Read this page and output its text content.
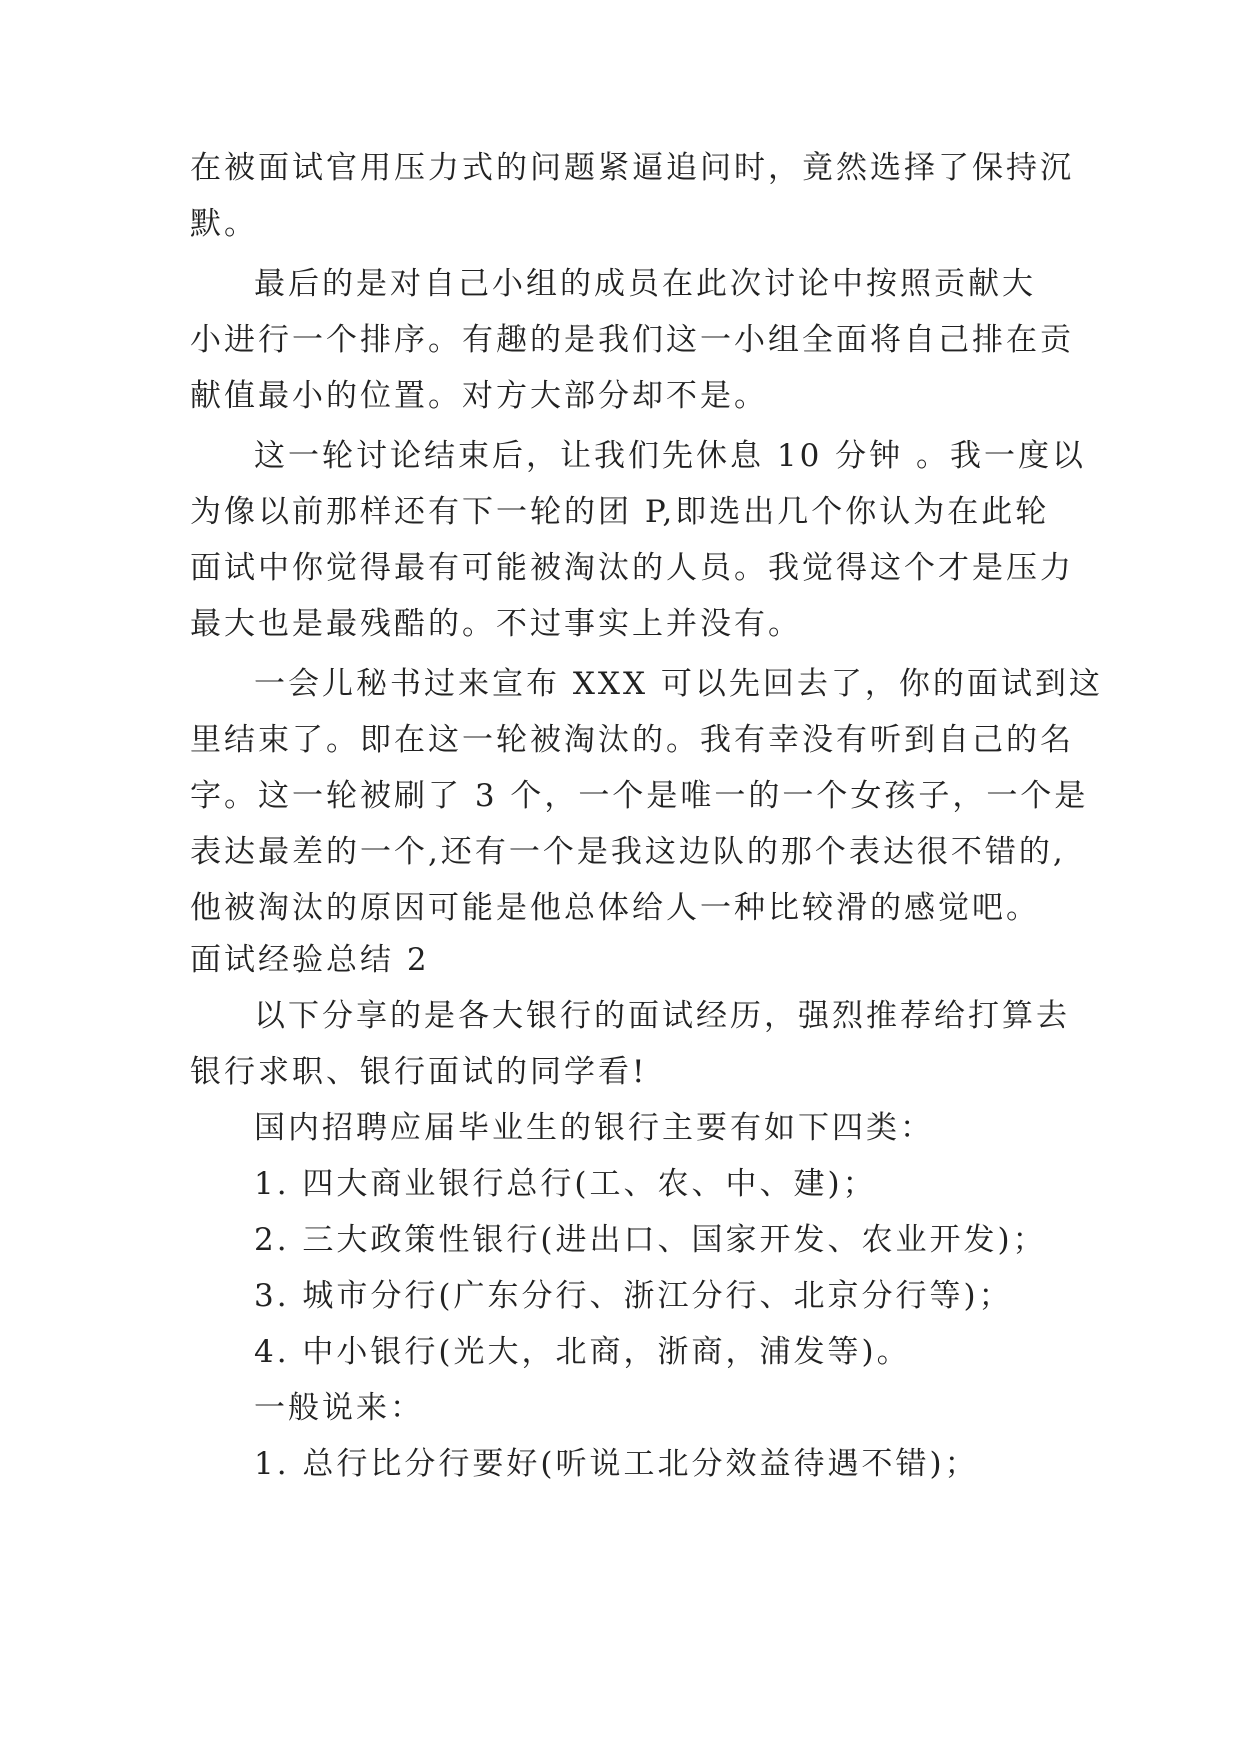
在被面试官用压力式的问题紧逼追问时，竟然选择了保持沉

默。

最后的是对自己小组的成员在此次讨论中按照贡献大

小进行一个排序。有趣的是我们这一小组全面将自己排在贡

献值最小的位置。对方大部分却不是。

这一轮讨论结束后，让我们先休息 10 分钟 。我一度以

为像以前那样还有下一轮的团 P,即选出几个你认为在此轮

面试中你觉得最有可能被淘汰的人员。我觉得这个才是压力

最大也是最残酷的。不过事实上并没有。

一会儿秘书过来宣布 XXX 可以先回去了，你的面试到这

里结束了。即在这一轮被淘汰的。我有幸没有听到自己的名

字。这一轮被刷了 3 个，一个是唯一的一个女孩子，一个是

表达最差的一个,还有一个是我这边队的那个表达很不错的,

他被淘汰的原因可能是他总体给人一种比较滑的感觉吧。

面试经验总结 2

以下分享的是各大银行的面试经历，强烈推荐给打算去

银行求职、银行面试的同学看!

国内招聘应届毕业生的银行主要有如下四类：

1. 四大商业银行总行(工、农、中、建)；

2. 三大政策性银行(进出口、国家开发、农业开发)；

3. 城市分行(广东分行、浙江分行、北京分行等)；

4. 中小银行(光大，北商，浙商，浦发等)。

一般说来：

1. 总行比分行要好(听说工北分效益待遇不错)；
